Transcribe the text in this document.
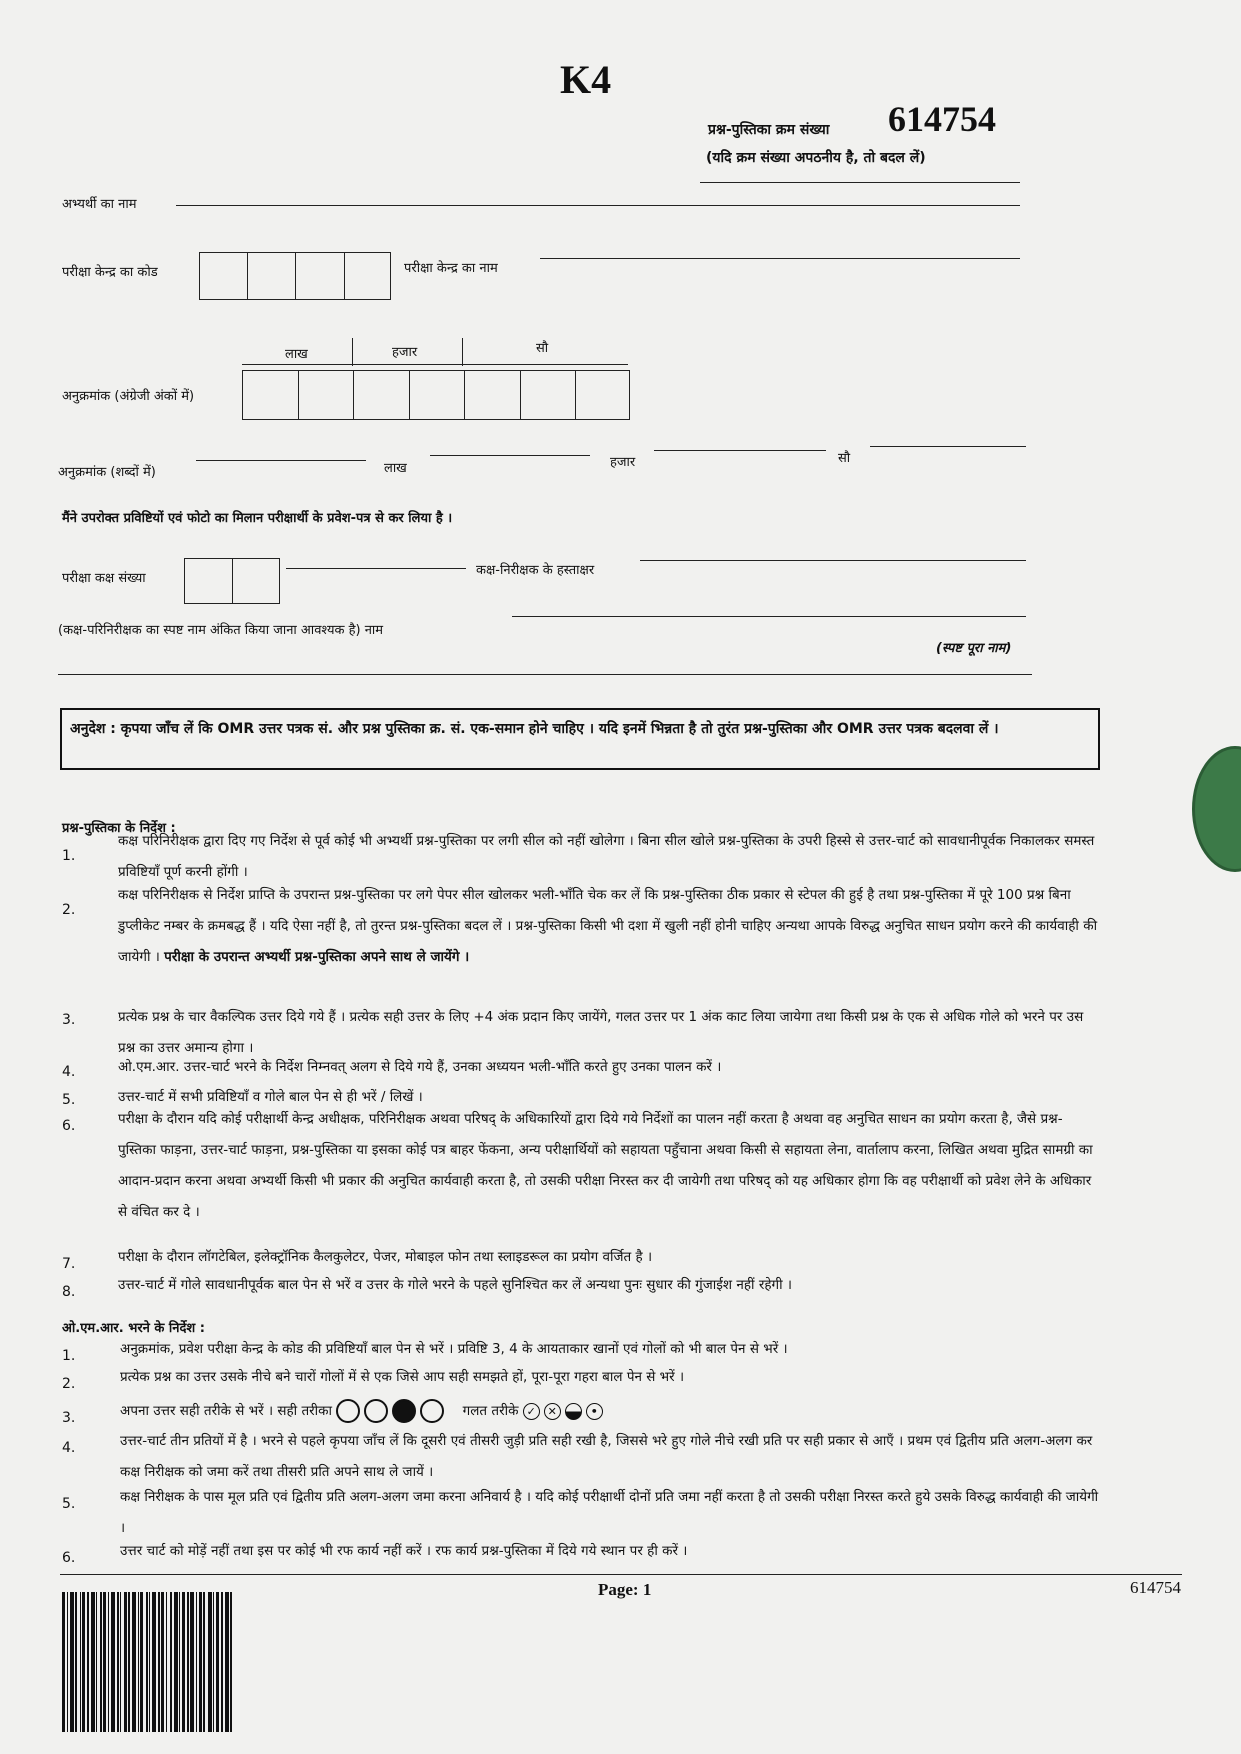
K4
प्रश्न-पुस्तिका क्रम संख्या 614754
(यदि क्रम संख्या अपठनीय है, तो बदल लें)
अभ्यर्थी का नाम
परीक्षा केन्द्र का कोड	परीक्षा केन्द्र का नाम
लाख	हजार	सौ
अनुक्रमांक (अंग्रेजी अंकों में)
अनुक्रमांक (शब्दों में)	लाख	हजार	सौ
मैंने उपरोक्त प्रविष्टियों एवं फोटो का मिलान परीक्षार्थी के प्रवेश-पत्र से कर लिया है ।
परीक्षा कक्ष संख्या
कक्ष-निरीक्षक के हस्ताक्षर
(कक्ष-परिनिरीक्षक का स्पष्ट नाम अंकित किया जाना आवश्यक है) नाम
(स्पष्ट पूरा नाम)
अनुदेश : कृपया जाँच लें कि OMR उत्तर पत्रक सं. और प्रश्न पुस्तिका क्र. सं. एक-समान होने चाहिए । यदि इनमें भिन्नता है तो तुरंत प्रश्न-पुस्तिका और OMR उत्तर पत्रक बदलवा लें ।
प्रश्न-पुस्तिका के निर्देश :
1.
कक्ष परिनिरीक्षक द्वारा दिए गए निर्देश से पूर्व कोई भी अभ्यर्थी प्रश्न-पुस्तिका पर लगी सील को नहीं खोलेगा । बिना सील खोले प्रश्न-पुस्तिका के उपरी हिस्से से उत्तर-चार्ट को सावधानीपूर्वक निकालकर समस्त प्रविष्टियाँ पूर्ण करनी होंगी ।
2.
कक्ष परिनिरीक्षक से निर्देश प्राप्ति के उपरान्त प्रश्न-पुस्तिका पर लगे पेपर सील खोलकर भली-भाँति चेक कर लें कि प्रश्न-पुस्तिका ठीक प्रकार से स्टेपल की हुई है तथा प्रश्न-पुस्तिका में पूरे 100 प्रश्न बिना डुप्लीकेट नम्बर के क्रमबद्ध हैं । यदि ऐसा नहीं है, तो तुरन्त प्रश्न-पुस्तिका बदल लें । प्रश्न-पुस्तिका किसी भी दशा में खुली नहीं होनी चाहिए अन्यथा आपके विरुद्ध अनुचित साधन प्रयोग करने की कार्यवाही की जायेगी । परीक्षा के उपरान्त अभ्यर्थी प्रश्न-पुस्तिका अपने साथ ले जायेंगे ।
3.	प्रत्येक प्रश्न के चार वैकल्पिक उत्तर दिये गये हैं । प्रत्येक सही उत्तर के लिए +4 अंक प्रदान किए जायेंगे, गलत उत्तर पर 1 अंक काट लिया जायेगा तथा किसी प्रश्न के एक से अधिक गोले को भरने पर उस प्रश्न का उत्तर अमान्य होगा ।
4.	ओ.एम.आर. उत्तर-चार्ट भरने के निर्देश निम्नवत् अलग से दिये गये हैं, उनका अध्ययन भली-भाँति करते हुए उनका पालन करें ।
5.	उत्तर-चार्ट में सभी प्रविष्टियाँ व गोले बाल पेन से ही भरें / लिखें ।
6.	परीक्षा के दौरान यदि कोई परीक्षार्थी केन्द्र अधीक्षक, परिनिरीक्षक अथवा परिषद् के अधिकारियों द्वारा दिये गये निर्देशों का पालन नहीं करता है अथवा वह अनुचित साधन का प्रयोग करता है, जैसे प्रश्न-पुस्तिका फाड़ना, उत्तर-चार्ट फाड़ना, प्रश्न-पुस्तिका या इसका कोई पत्र बाहर फेंकना, अन्य परीक्षार्थियों को सहायता पहुँचाना अथवा किसी से सहायता लेना, वार्तालाप करना, लिखित अथवा मुद्रित सामग्री का आदान-प्रदान करना अथवा अभ्यर्थी किसी भी प्रकार की अनुचित कार्यवाही करता है, तो उसकी परीक्षा निरस्त कर दी जायेगी तथा परिषद् को यह अधिकार होगा कि वह परीक्षार्थी को प्रवेश लेने के अधिकार से वंचित कर दे ।
7.	परीक्षा के दौरान लॉगटेबिल, इलेक्ट्रॉनिक कैलकुलेटर, पेजर, मोबाइल फोन तथा स्लाइडरूल का प्रयोग वर्जित है ।
8.	उत्तर-चार्ट में गोले सावधानीपूर्वक बाल पेन से भरें व उत्तर के गोले भरने के पहले सुनिश्चित कर लें अन्यथा पुनः सुधार की गुंजाईश नहीं रहेगी ।
ओ.एम.आर. भरने के निर्देश :
1.	अनुक्रमांक, प्रवेश परीक्षा केन्द्र के कोड की प्रविष्टियाँ बाल पेन से भरें । प्रविष्टि 3, 4 के आयताकार खानों एवं गोलों को भी बाल पेन से भरें ।
2.	प्रत्येक प्रश्न का उत्तर उसके नीचे बने चारों गोलों में से एक जिसे आप सही समझते हों, पूरा-पूरा गहरा बाल पेन से भरें ।
3.	अपना उत्तर सही तरीके से भरें । सही तरीका	गलत तरीके ✓ ✕	•
4.	उत्तर-चार्ट तीन प्रतियों में है । भरने से पहले कृपया जाँच लें कि दूसरी एवं तीसरी जुड़ी प्रति सही रखी है, जिससे भरे हुए गोले नीचे रखी प्रति पर सही प्रकार से आएँ । प्रथम एवं द्वितीय प्रति अलग-अलग कर कक्ष निरीक्षक को जमा करें तथा तीसरी प्रति अपने साथ ले जायें ।
5.	कक्ष निरीक्षक के पास मूल प्रति एवं द्वितीय प्रति अलग-अलग जमा करना अनिवार्य है । यदि कोई परीक्षार्थी दोनों प्रति जमा नहीं करता है तो उसकी परीक्षा निरस्त करते हुये उसके विरुद्ध कार्यवाही की जायेगी ।
6.	उत्तर चार्ट को मोड़ें नहीं तथा इस पर कोई भी रफ कार्य नहीं करें । रफ कार्य प्रश्न-पुस्तिका में दिये गये स्थान पर ही करें ।
Page: 1	614754
